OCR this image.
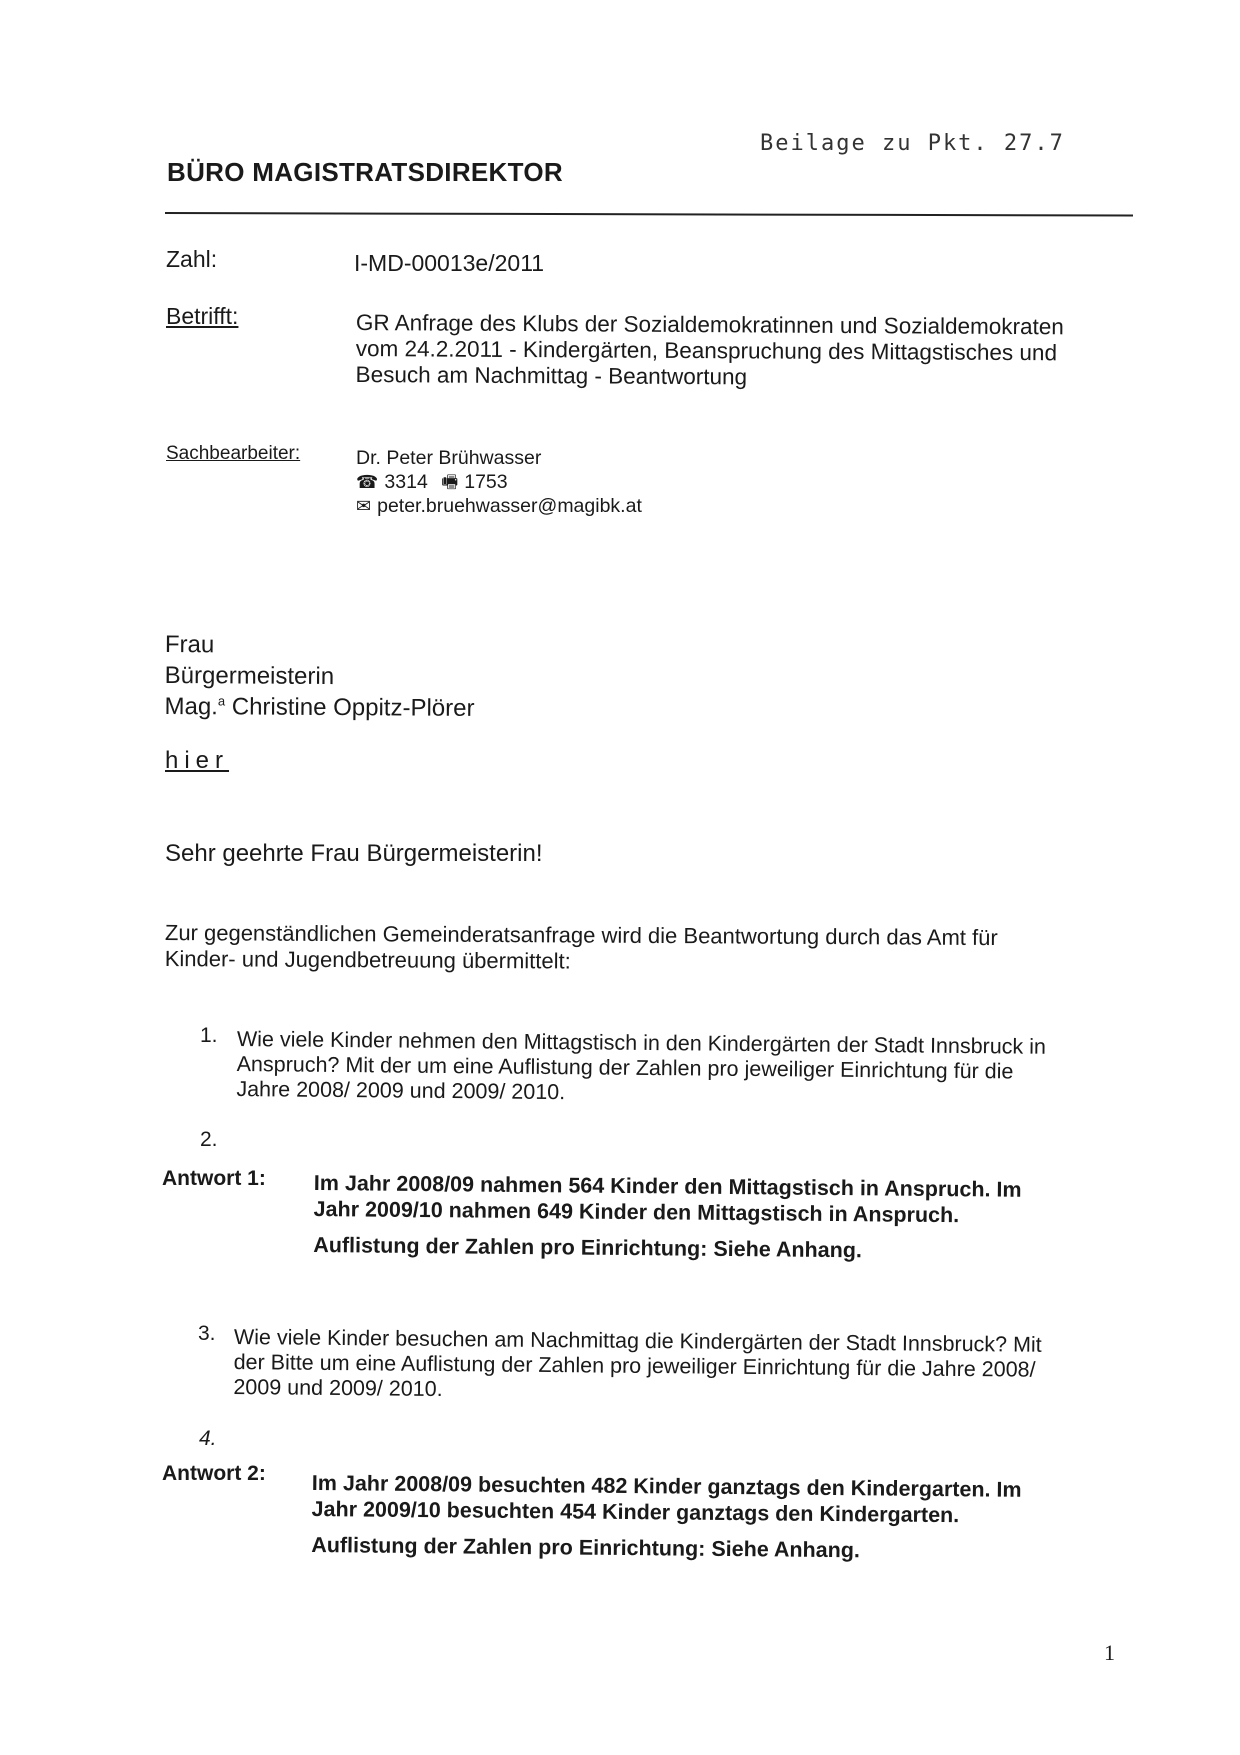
BÜRO MAGISTRATSDIREKTOR
Beilage zu Pkt. 27.7
Zahl:	I-MD-00013e/2011
Betrifft:	GR Anfrage des Klubs der Sozialdemokratinnen und Sozialdemokraten
vom 24.2.2011 - Kindergärten, Beanspruchung des Mittagstisches und
Besuch am Nachmittag - Beantwortung
Sachbearbeiter:	Dr. Peter Brühwasser
☎ 3314 🖷 1753
✉ peter.bruehwasser@magibk.at
Frau
Bürgermeisterin
Mag.$^a$ Christine Oppitz-Plörer
hier
Sehr geehrte Frau Bürgermeisterin!
Zur gegenständlichen Gemeinderatsanfrage wird die Beantwortung durch das Amt für
Kinder- und Jugendbetreuung übermittelt:
1. Wie viele Kinder nehmen den Mittagstisch in den Kindergärten der Stadt Innsbruck in
Anspruch? Mit der um eine Auflistung der Zahlen pro jeweiliger Einrichtung für die
Jahre 2008/ 2009 und 2009/ 2010.
2.
Antwort 1: Im Jahr 2008/09 nahmen 564 Kinder den Mittagstisch in Anspruch. Im
Jahr 2009/10 nahmen 649 Kinder den Mittagstisch in Anspruch.
Auflistung der Zahlen pro Einrichtung: Siehe Anhang.
3. Wie viele Kinder besuchen am Nachmittag die Kindergärten der Stadt Innsbruck? Mit
der Bitte um eine Auflistung der Zahlen pro jeweiliger Einrichtung für die Jahre 2008/
2009 und 2009/ 2010.
4.
Antwort 2: Im Jahr 2008/09 besuchten 482 Kinder ganztags den Kindergarten. Im
Jahr 2009/10 besuchten 454 Kinder ganztags den Kindergarten.
Auflistung der Zahlen pro Einrichtung: Siehe Anhang.
1
